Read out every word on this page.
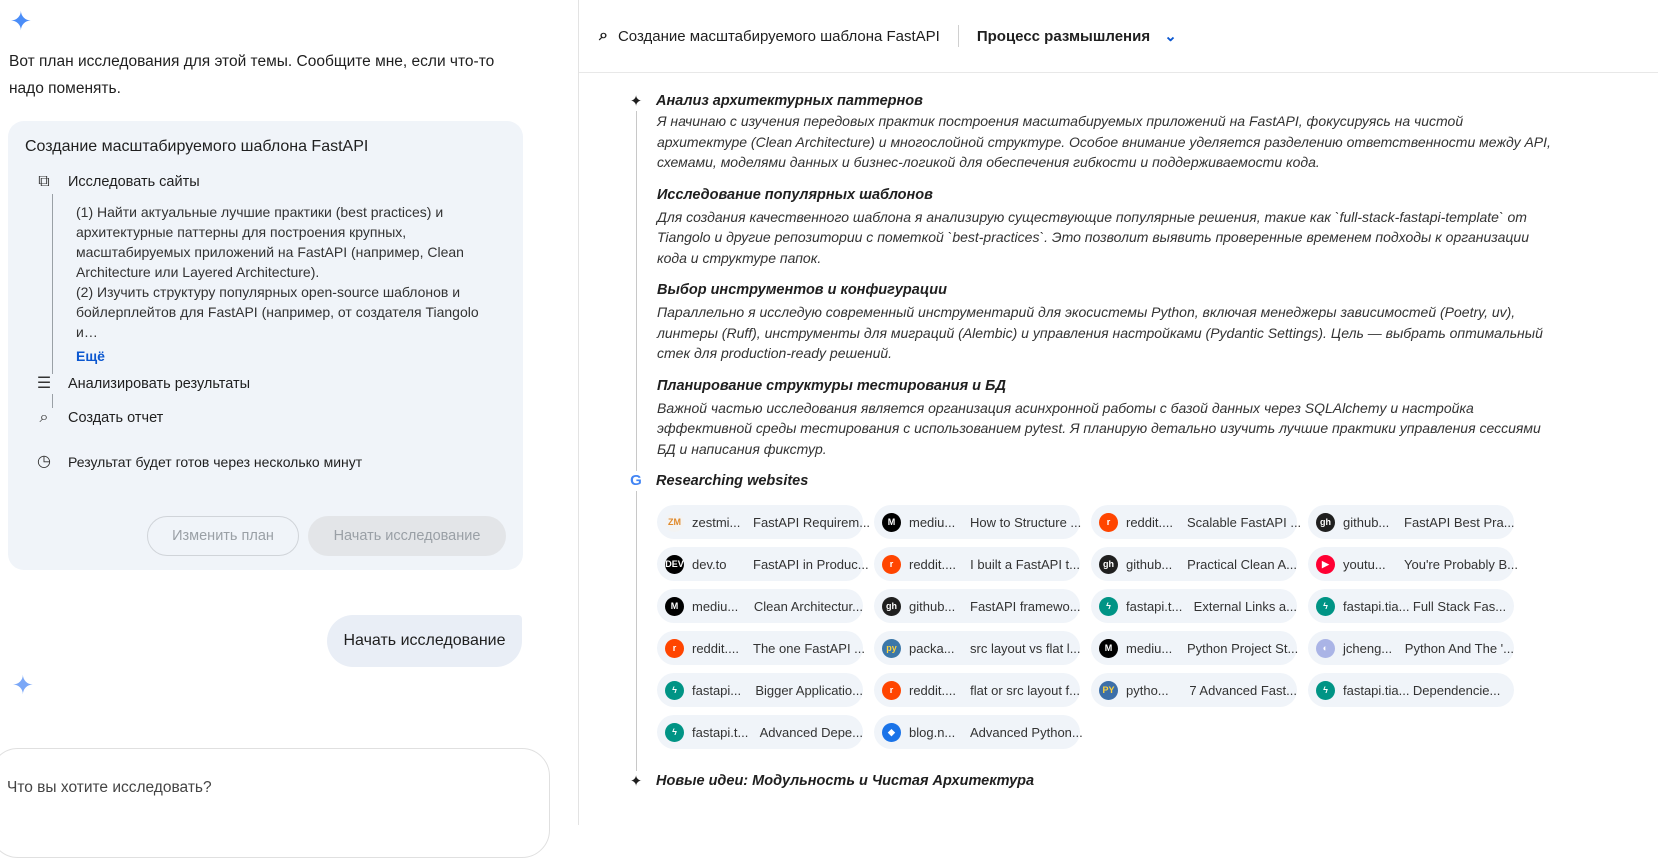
✦
Вот план исследования для этой темы. Сообщите мне, если что-то надо поменять.
Создание масштабируемого шаблона FastAPI
⧉ Исследовать сайты
(1) Найти актуальные лучшие практики (best practices) и архитектурные паттерны для построения крупных, масштабируемых приложений на FastAPI (например, Clean Architecture или Layered Architecture).
(2) Изучить структуру популярных open-source шаблонов и бойлерплейтов для FastAPI (например, от создателя Tiangolo и…
Ещё
☰ Анализировать результаты
⌕	Создать отчет
◷ Результат будет готов через несколько минут
Изменить план	Начать исследование
Начать исследование
✦
Что вы хотите исследовать?
⌕ Создание масштабируемого шаблона FastAPI Процесс размышления ⌄
✦ Анализ архитектурных паттернов

Я начинаю с изучения передовых практик построения масштабируемых приложений на FastAPI, фокусируясь на чистой архитектуре (Clean Architecture) и многослойной структуре. Особое внимание уделяется разделению ответственности между API, схемами, моделями данных и бизнес-логикой для обеспечения гибкости и поддерживаемости кода.

Исследование популярных шаблонов

Для создания качественного шаблона я анализирую существующие популярные решения, такие как `full-stack-fastapi-template` от Tiangolo и другие репозитории с пометкой `best-practices`. Это позволит выявить проверенные временем подходы к организации кода и структуре папок.

Выбор инструментов и конфигурации

Параллельно я исследую современный инструментарий для экосистемы Python, включая менеджеры зависимостей (Poetry, uv), линтеры (Ruff), инструменты для миграций (Alembic) и управления настройками (Pydantic Settings). Цель — выбрать оптимальный стек для production-ready решений.

Планирование структуры тестирования и БД

Важной частью исследования является организация асинхронной работы с базой данных через SQLAlchemy и настройка эффективной среды тестирования с использованием pytest. Я планирую детально изучить лучшие практики управления сессиями БД и написания фикстур.

G Researching websites
ZM zestmi... FastAPI Requirem...	M	mediu...	How to Structure ...	r	reddit....	Scalable FastAPI ...	gh github...	FastAPI Best Pra...
DEV dev.to	FastAPI in Produc...	r	reddit....	I built a FastAPI t...	gh github...	Practical Clean A...	▶	youtu...	You're Probably B...
M	mediu...	Clean Architectur...	gh github...	FastAPI framewo...	ϟ	fastapi.t... External Links a...	ϟ	fastapi.tia... Full Stack Fas...
r	reddit....	The one FastAPI ...	py packa...	src layout vs flat l...	M	mediu...	Python Project St...	◐	jcheng... Python And The '...
ϟ	fastapi...	Bigger Applicatio...	r	reddit....	flat or src layout f...	PY pytho...	7 Advanced Fast...	ϟ	fastapi.tia... Dependencie...
ϟ	fastapi.t... Advanced Depe...	◆	blog.n...	Advanced Python...
✦ Новые идеи: Модульность и Чистая Архитектура
